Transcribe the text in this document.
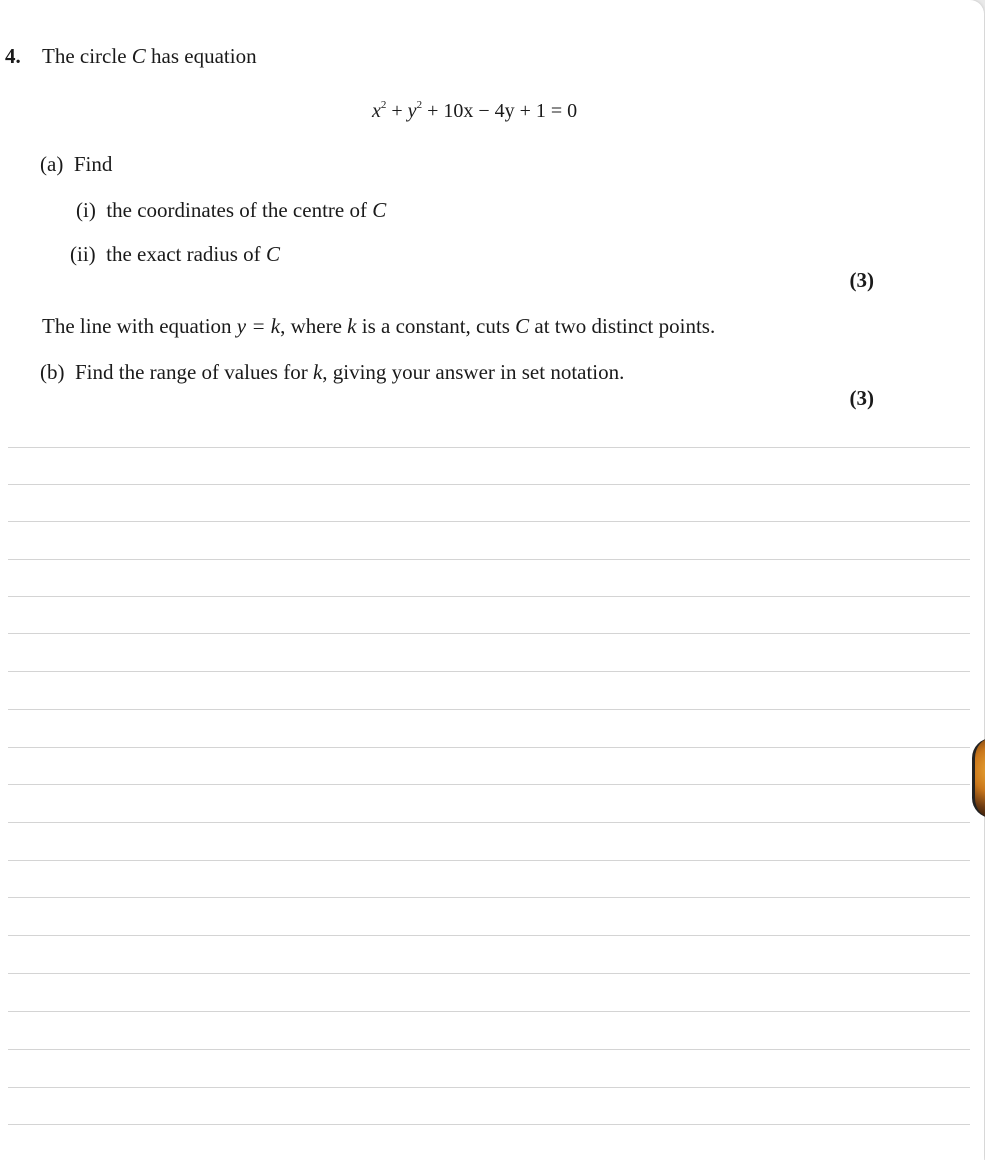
4. The circle C has equation
$x^2 + y^2 + 10x - 4y + 1 = 0$
(a) Find
(i) the coordinates of the centre of C
(ii) the exact radius of C
(3)
The line with equation y = k, where k is a constant, cuts C at two distinct points.
(b) Find the range of values for k, giving your answer in set notation.
(3)
